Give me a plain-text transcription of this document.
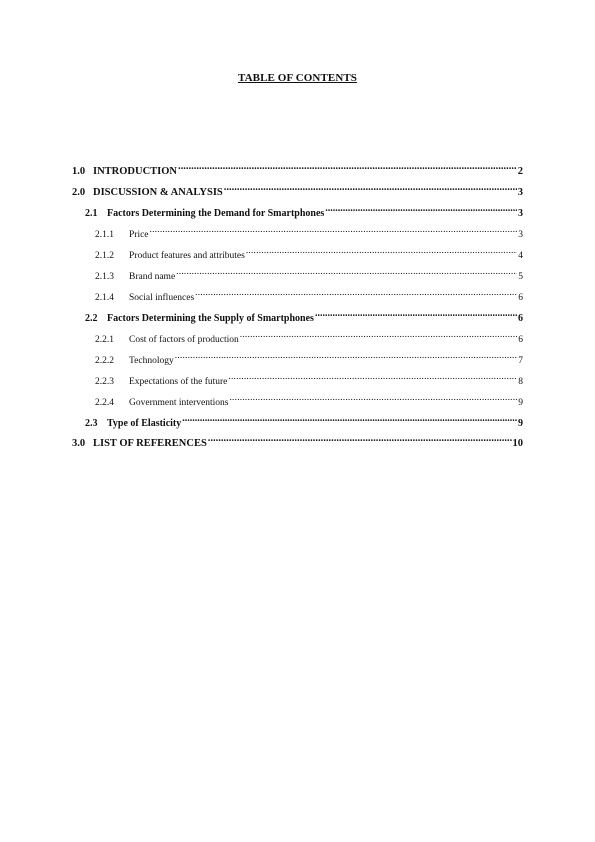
TABLE OF CONTENTS
1.0 INTRODUCTION .....	2
2.0 DISCUSSION & ANALYSIS .....	3
2.1 Factors Determining the Demand for Smartphones .....	3
2.1.1	Price .....	3
2.1.2	Product features and attributes .....	4
2.1.3	Brand name .....	5
2.1.4	Social influences .....	6
2.2 Factors Determining the Supply of Smartphones .....	6
2.2.1	Cost of factors of production .....	6
2.2.2	Technology .....	7
2.2.3	Expectations of the future .....	8
2.2.4	Government interventions .....	9
2.3 Type of Elasticity .....	9
3.0 LIST OF REFERENCES .....	10
